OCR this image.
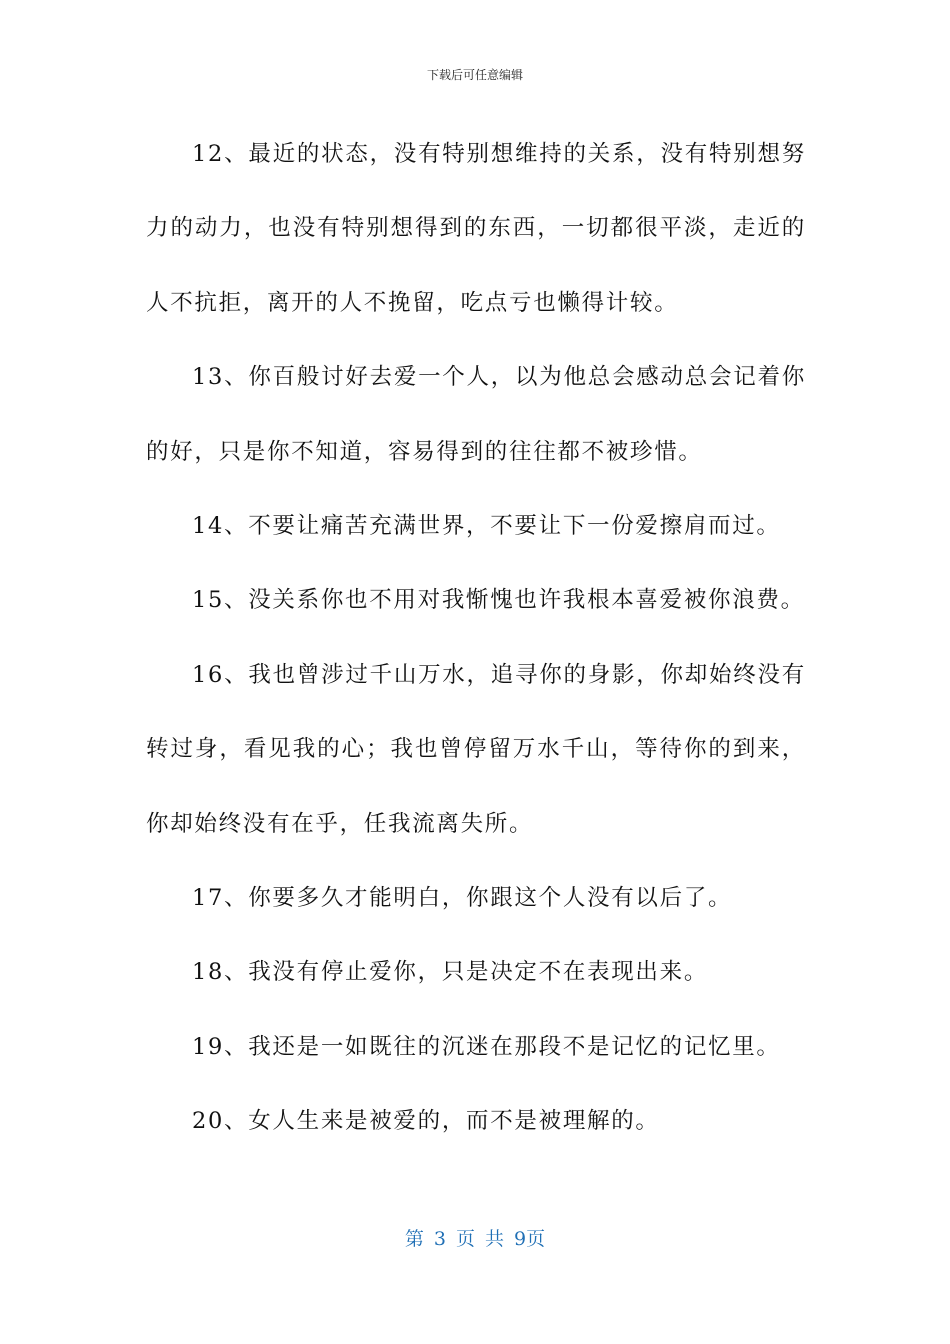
下载后可任意编辑

12、最近的状态，没有特别想维持的关系，没有特别想努力的动力，也没有特别想得到的东西，一切都很平淡，走近的人不抗拒，离开的人不挽留，吃点亏也懒得计较。

13、你百般讨好去爱一个人，以为他总会感动总会记着你的好，只是你不知道，容易得到的往往都不被珍惜。

14、不要让痛苦充满世界，不要让下一份爱擦肩而过。

15、没关系你也不用对我惭愧也许我根本喜爱被你浪费。

16、我也曾涉过千山万水，追寻你的身影，你却始终没有转过身，看见我的心；我也曾停留万水千山，等待你的到来，你却始终没有在乎，任我流离失所。

17、你要多久才能明白，你跟这个人没有以后了。

18、我没有停止爱你，只是决定不在表现出来。

19、我还是一如既往的沉迷在那段不是记忆的记忆里。

20、女人生来是被爱的，而不是被理解的。

第 3 页 共 9页
